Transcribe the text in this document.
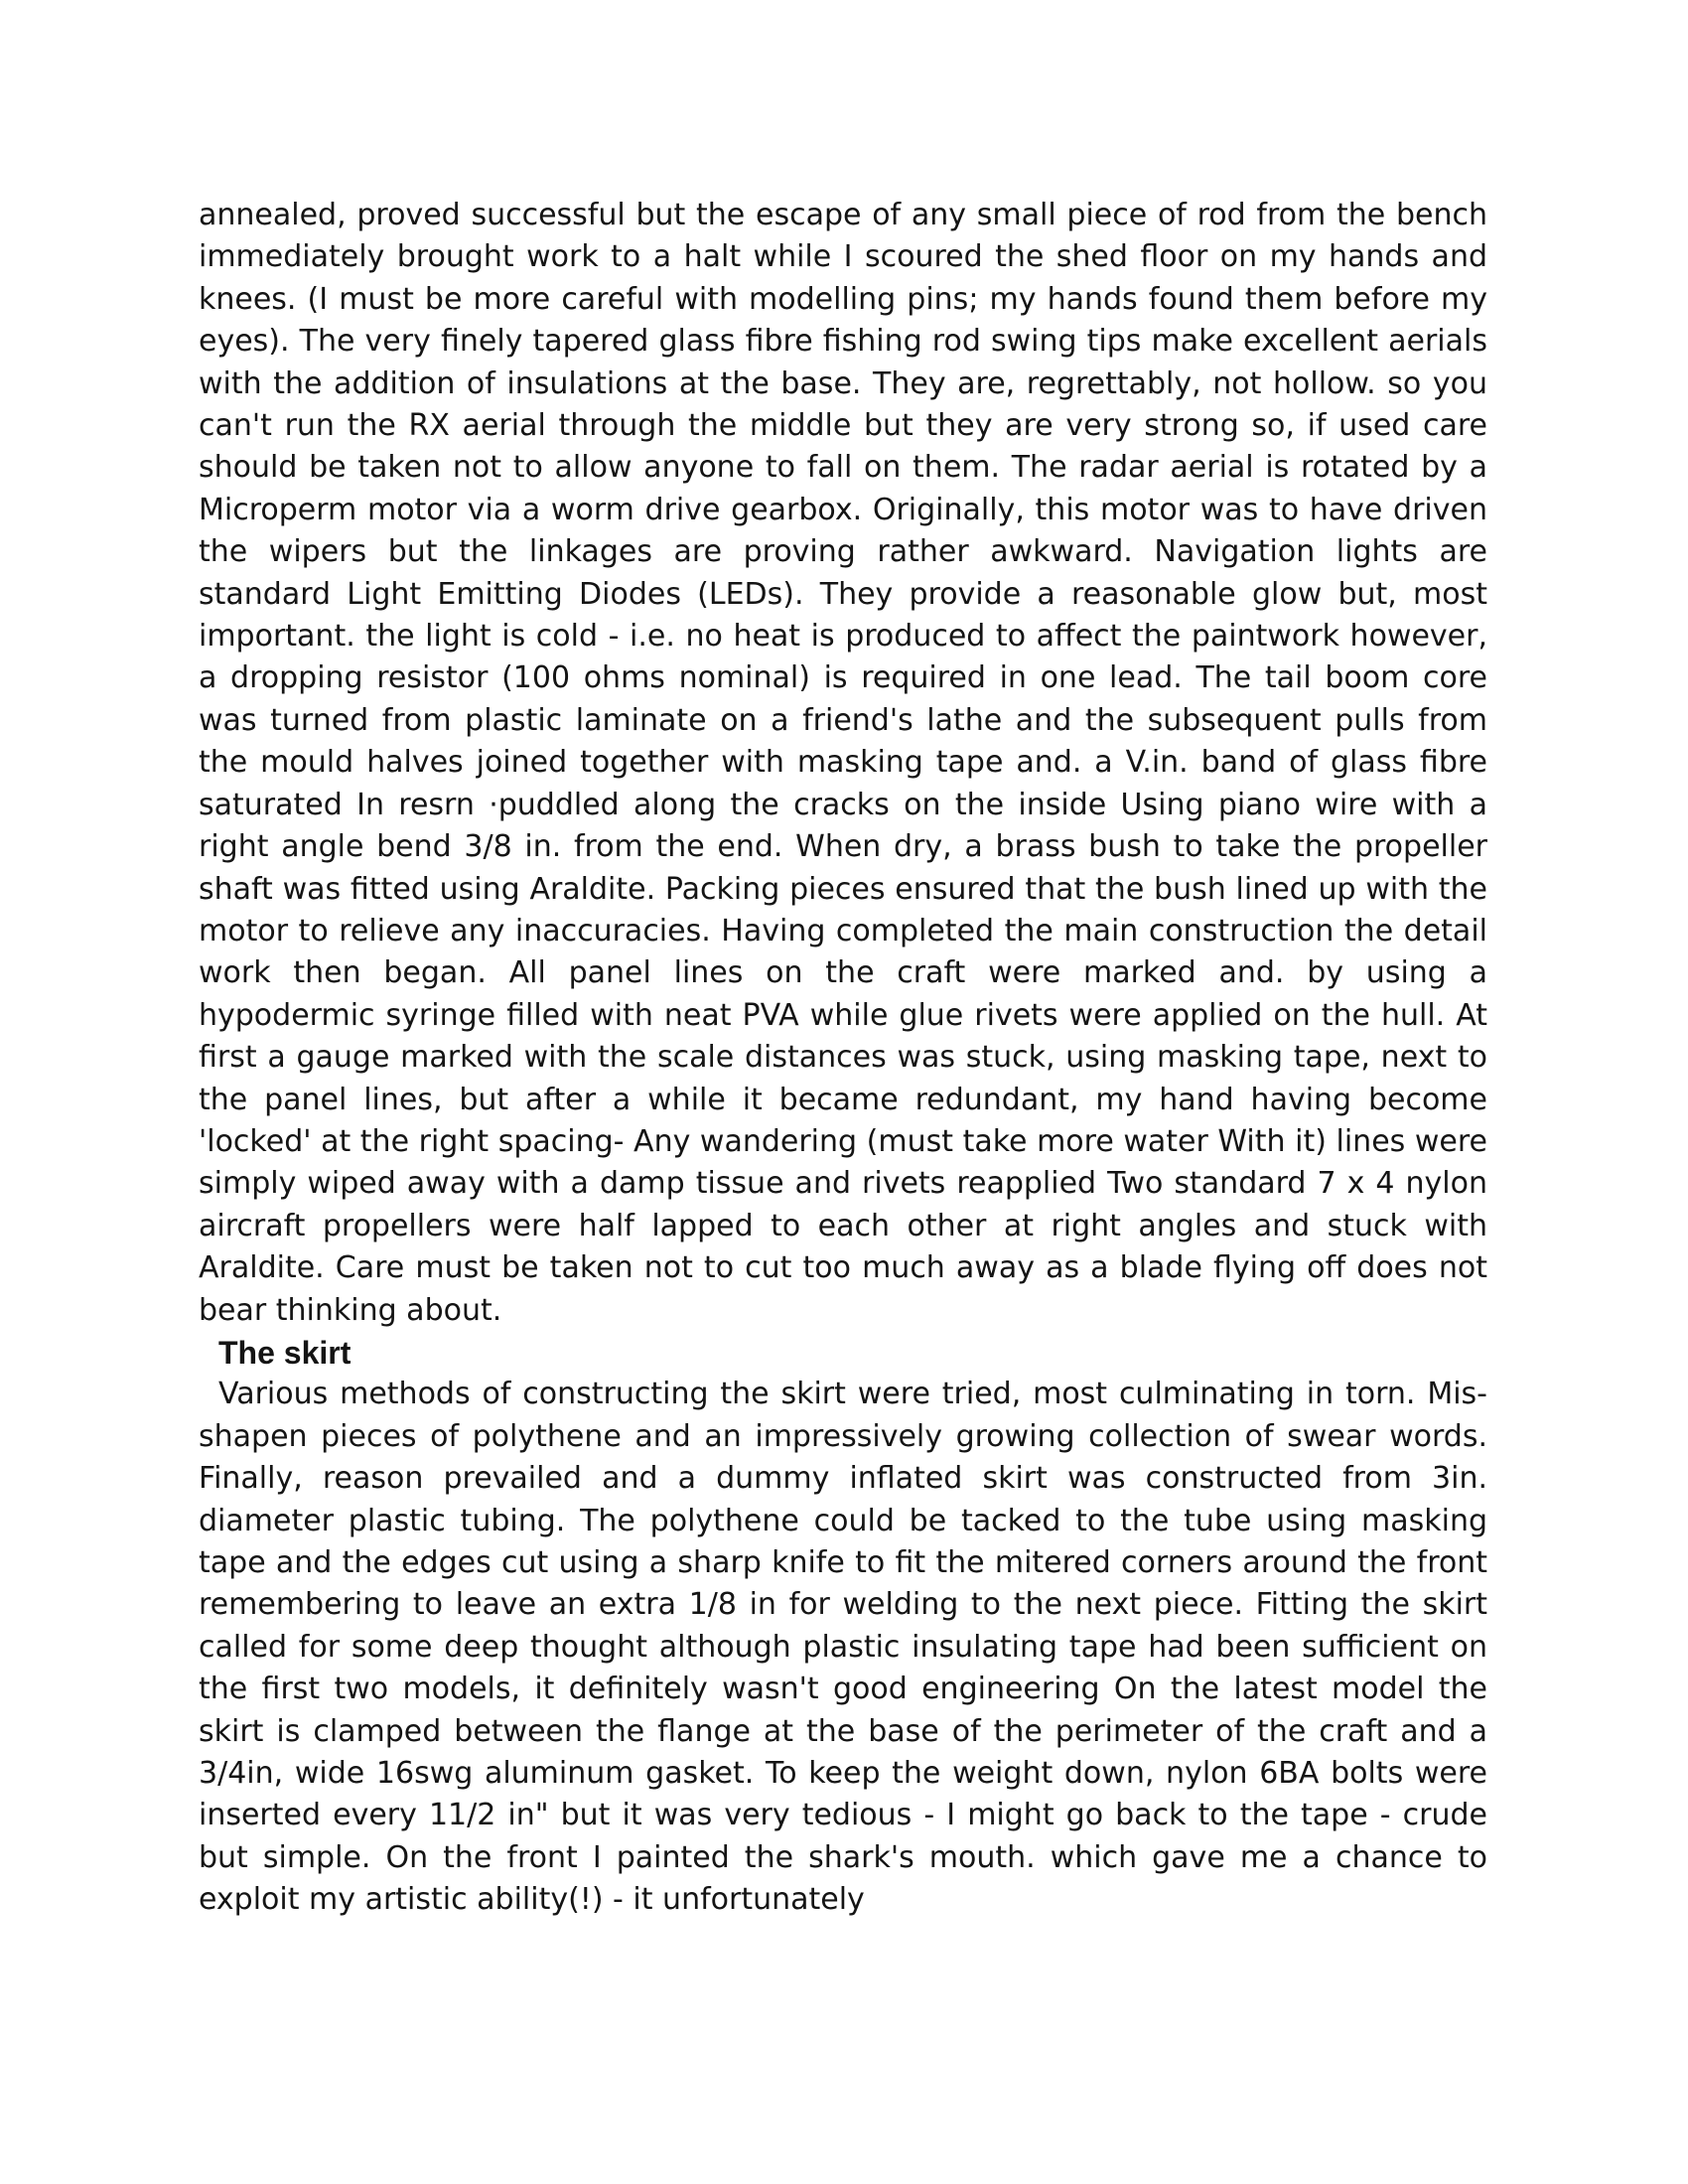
annealed, proved successful but the escape of any small piece of rod from the bench immediately brought work to a halt while I scoured the shed floor on my hands and knees. (I must be more careful with modelling pins; my hands found them before my eyes). The very finely tapered glass fibre fishing rod swing tips make excellent aerials with the addition of insulations at the base. They are, regrettably, not hollow. so you can't run the RX aerial through the middle but they are very strong so, if used care should be taken not to allow anyone to fall on them. The radar aerial is rotated by a Microperm motor via a worm drive gearbox. Originally, this motor was to have driven the wipers but the linkages are proving rather awkward. Navigation lights are standard Light Emitting Diodes (LEDs). They provide a reasonable glow but, most important. the light is cold - i.e. no heat is produced to affect the paintwork however, a dropping resistor (100 ohms nominal) is required in one lead. The tail boom core was turned from plastic laminate on a friend's lathe and the subsequent pulls from the mould halves joined together with masking tape and. a V.in. band of glass fibre saturated In resrn ·puddled along the cracks on the inside Using piano wire with a right angle bend 3/8 in. from the end. When dry, a brass bush to take the propeller shaft was fitted using Araldite. Packing pieces ensured that the bush lined up with the motor to relieve any inaccuracies. Having completed the main construction the detail work then began. All panel lines on the craft were marked and. by using a hypodermic syringe filled with neat PVA while glue rivets were applied on the hull. At first a gauge marked with the scale distances was stuck, using masking tape, next to the panel lines, but after a while it became redundant, my hand having become 'locked' at the right spacing- Any wandering (must take more water With it) lines were simply wiped away with a damp tissue and rivets reapplied Two standard 7 x 4 nylon aircraft propellers were half lapped to each other at right angles and stuck with Araldite. Care must be taken not to cut too much away as a blade flying off does not bear thinking about.

The skirt

Various methods of constructing the skirt were tried, most culminating in torn. Mis-shapen pieces of polythene and an impressively growing collection of swear words. Finally, reason prevailed and a dummy inflated skirt was constructed from 3in. diameter plastic tubing. The polythene could be tacked to the tube using masking tape and the edges cut using a sharp knife to fit the mitered corners around the front remembering to leave an extra 1/8 in for welding to the next piece. Fitting the skirt called for some deep thought although plastic insulating tape had been sufficient on the first two models, it definitely wasn't good engineering On the latest model the skirt is clamped between the flange at the base of the perimeter of the craft and a 3/4in, wide 16swg aluminum gasket. To keep the weight down, nylon 6BA bolts were inserted every 11/2 in" but it was very tedious - I might go back to the tape - crude but simple. On the front I painted the shark's mouth. which gave me a chance to exploit my artistic ability(!) - it unfortunately
